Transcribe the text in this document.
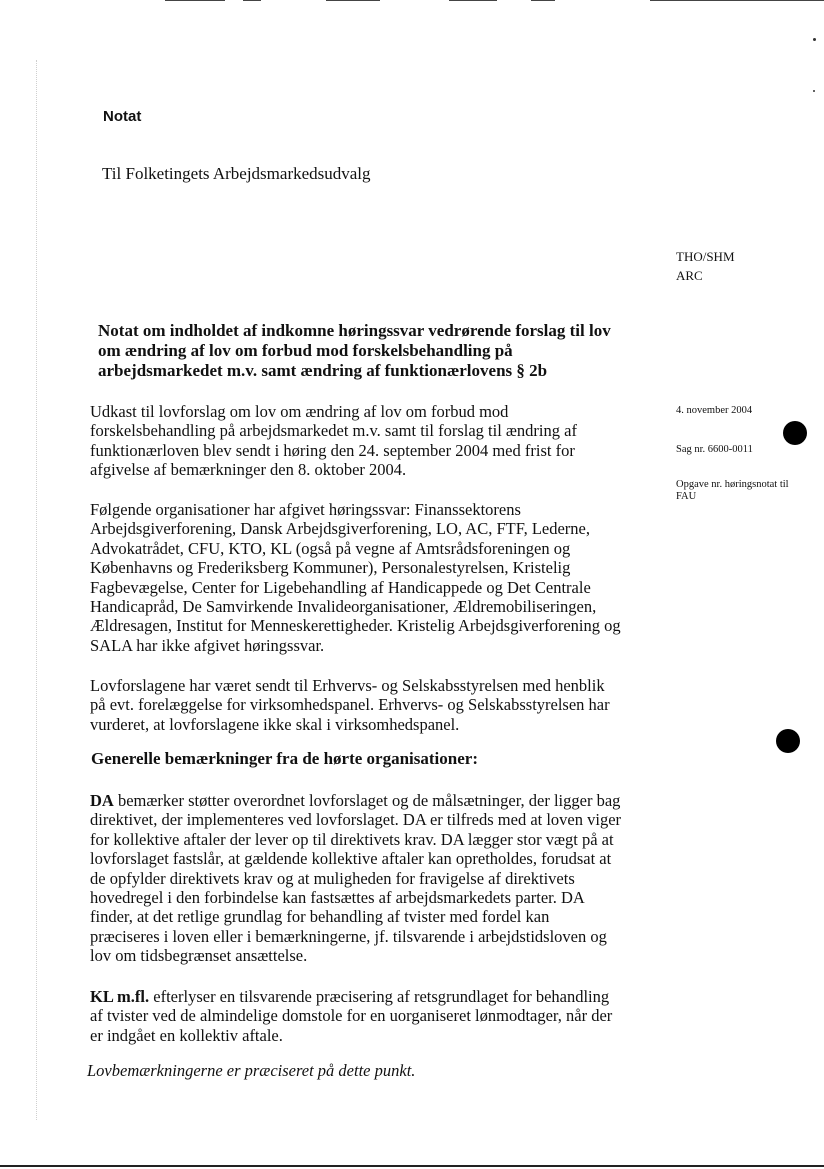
Notat
Til Folketingets Arbejdsmarkedsudvalg
THO/SHM
ARC

Notat om indholdet af indkomne høringssvar vedrørende forslag til lov om ændring af lov om forbud mod forskelsbehandling på arbejdsmarkedet m.v. samt ændring af funktionærlovens § 2b

4. november 2004
Sag nr. 6600-0011
Opgave nr. høringsnotat til FAU

Udkast til lovforslag om lov om ændring af lov om forbud mod forskelsbehandling på arbejdsmarkedet m.v. samt til forslag til ændring af funktionærloven blev sendt i høring den 24. september 2004 med frist for afgivelse af bemærkninger den 8. oktober 2004.

Følgende organisationer har afgivet høringssvar: Finanssektorens Arbejdsgiverforening, Dansk Arbejdsgiverforening, LO, AC, FTF, Lederne, Advokatrådet, CFU, KTO, KL (også på vegne af Amtsrådsforeningen og Københavns og Frederiksberg Kommuner), Personalestyrelsen, Kristelig Fagbevægelse, Center for Ligebehandling af Handicappede og Det Centrale Handicapråd, De Samvirkende Invalideorganisationer, Ældremobiliseringen, Ældresagen, Institut for Menneskerettigheder. Kristelig Arbejdsgiverforening og SALA har ikke afgivet høringssvar.

Lovforslagene har været sendt til Erhvervs- og Selskabsstyrelsen med henblik på evt. forelæggelse for virksomhedspanel. Erhvervs- og Selskabsstyrelsen har vurderet, at lovforslagene ikke skal i virksomhedspanel.

Generelle bemærkninger fra de hørte organisationer:

DA bemærker støtter overordnet lovforslaget og de målsætninger, der ligger bag direktivet, der implementeres ved lovforslaget. DA er tilfreds med at loven viger for kollektive aftaler der lever op til direktivets krav. DA lægger stor vægt på at lovforslaget fastslår, at gældende kollektive aftaler kan opretholdes, forudsat at de opfylder direktivets krav og at muligheden for fravigelse af direktivets hovedregel i den forbindelse kan fastsættes af arbejdsmarkedets parter. DA finder, at det retlige grundlag for behandling af tvister med fordel kan præciseres i loven eller i bemærkningerne, jf. tilsvarende i arbejdstidsloven og lov om tidsbegrænset ansættelse.

KL m.fl. efterlyser en tilsvarende præcisering af retsgrundlaget for behandling af tvister ved de almindelige domstole for en uorganiseret lønmodtager, når der er indgået en kollektiv aftale.

Lovbemærkningerne er præciseret på dette punkt.
